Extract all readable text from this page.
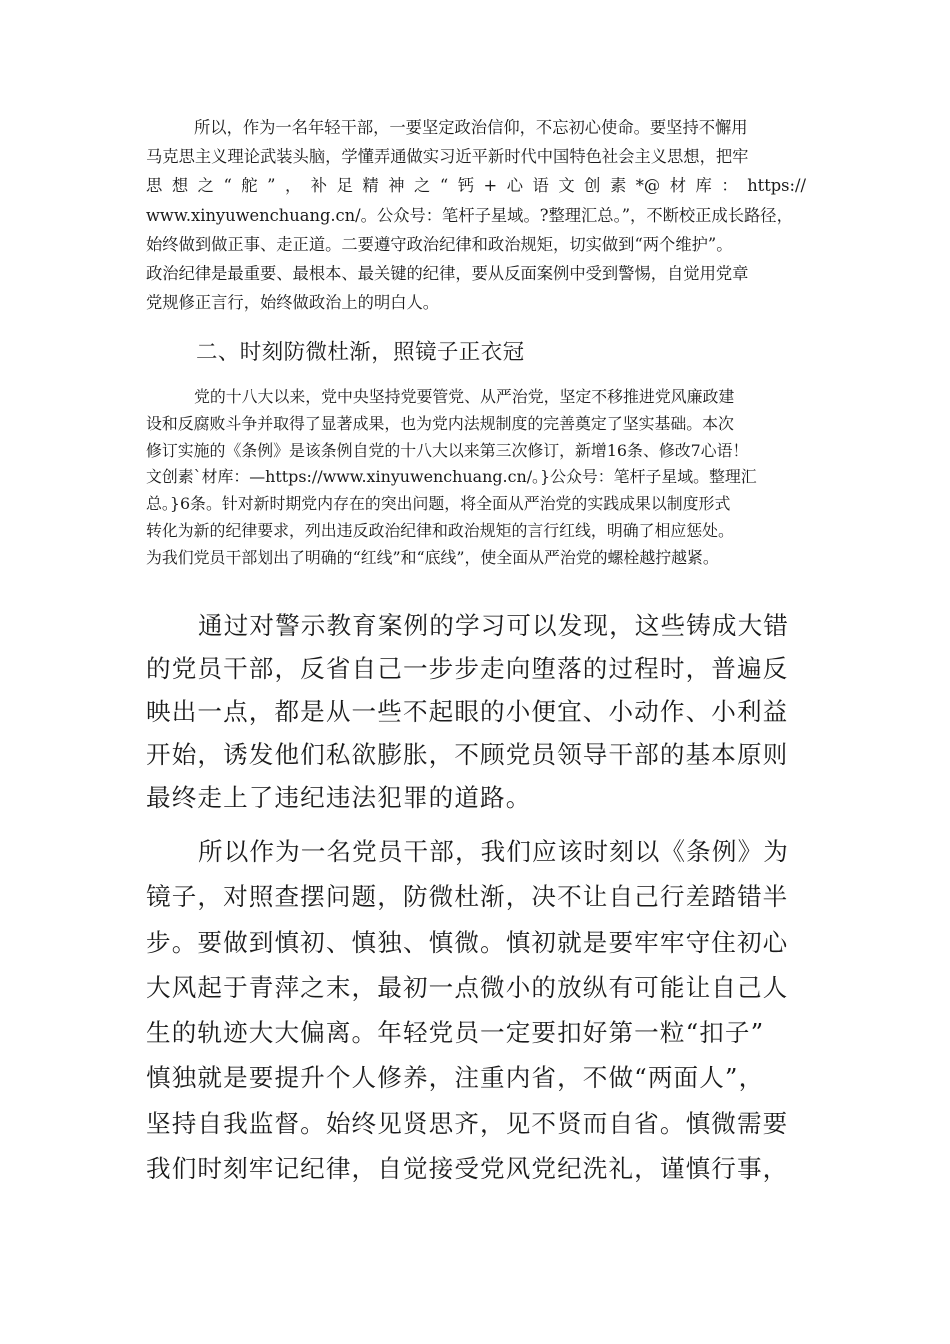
所以，作为一名年轻干部，一要坚定政治信仰，不忘初心使命。要坚持不懈用
马克思主义理论武装头脑，学懂弄通做实习近平新时代中国特色社会主义思想，把牢
思想之“舵”，补足精神之“钙+心语文创素*@材库：https://
www.xinyuwenchuang.cn/。公众号：笔杆子星域。?整理汇总。”，不断校正成长路径，
始终做到做正事、走正道。二要遵守政治纪律和政治规矩，切实做到“两个维护”。
政治纪律是最重要、最根本、最关键的纪律，要从反面案例中受到警惕，自觉用党章
党规修正言行，始终做政治上的明白人。
二、时刻防微杜渐，照镜子正衣冠
党的十八大以来，党中央坚持党要管党、从严治党，坚定不移推进党风廉政建
设和反腐败斗争并取得了显著成果，也为党内法规制度的完善奠定了坚实基础。本次
修订实施的《条例》是该条例自党的十八大以来第三次修订，新增16条、修改7心语！
文创素`材库：—https://www.xinyuwenchuang.cn/。}公众号：笔杆子星域。整理汇
总。}6条。针对新时期党内存在的突出问题，将全面从严治党的实践成果以制度形式
转化为新的纪律要求，列出违反政治纪律和政治规矩的言行红线，明确了相应惩处。
为我们党员干部划出了明确的“红线”和“底线”，使全面从严治党的螺栓越拧越紧。
通过对警示教育案例的学习可以发现，这些铸成大错
的党员干部，反省自己一步步走向堕落的过程时，普遍反
映出一点，都是从一些不起眼的小便宜、小动作、小利益
开始，诱发他们私欲膨胀，不顾党员领导干部的基本原则
最终走上了违纪违法犯罪的道路。
所以作为一名党员干部，我们应该时刻以《条例》为
镜子，对照查摆问题，防微杜渐，决不让自己行差踏错半
步。要做到慎初、慎独、慎微。慎初就是要牢牢守住初心
大风起于青萍之末，最初一点微小的放纵有可能让自己人
生的轨迹大大偏离。年轻党员一定要扣好第一粒“扣子”
慎独就是要提升个人修养，注重内省，不做“两面人”，
坚持自我监督。始终见贤思齐，见不贤而自省。慎微需要
我们时刻牢记纪律，自觉接受党风党纪洗礼，谨慎行事，
